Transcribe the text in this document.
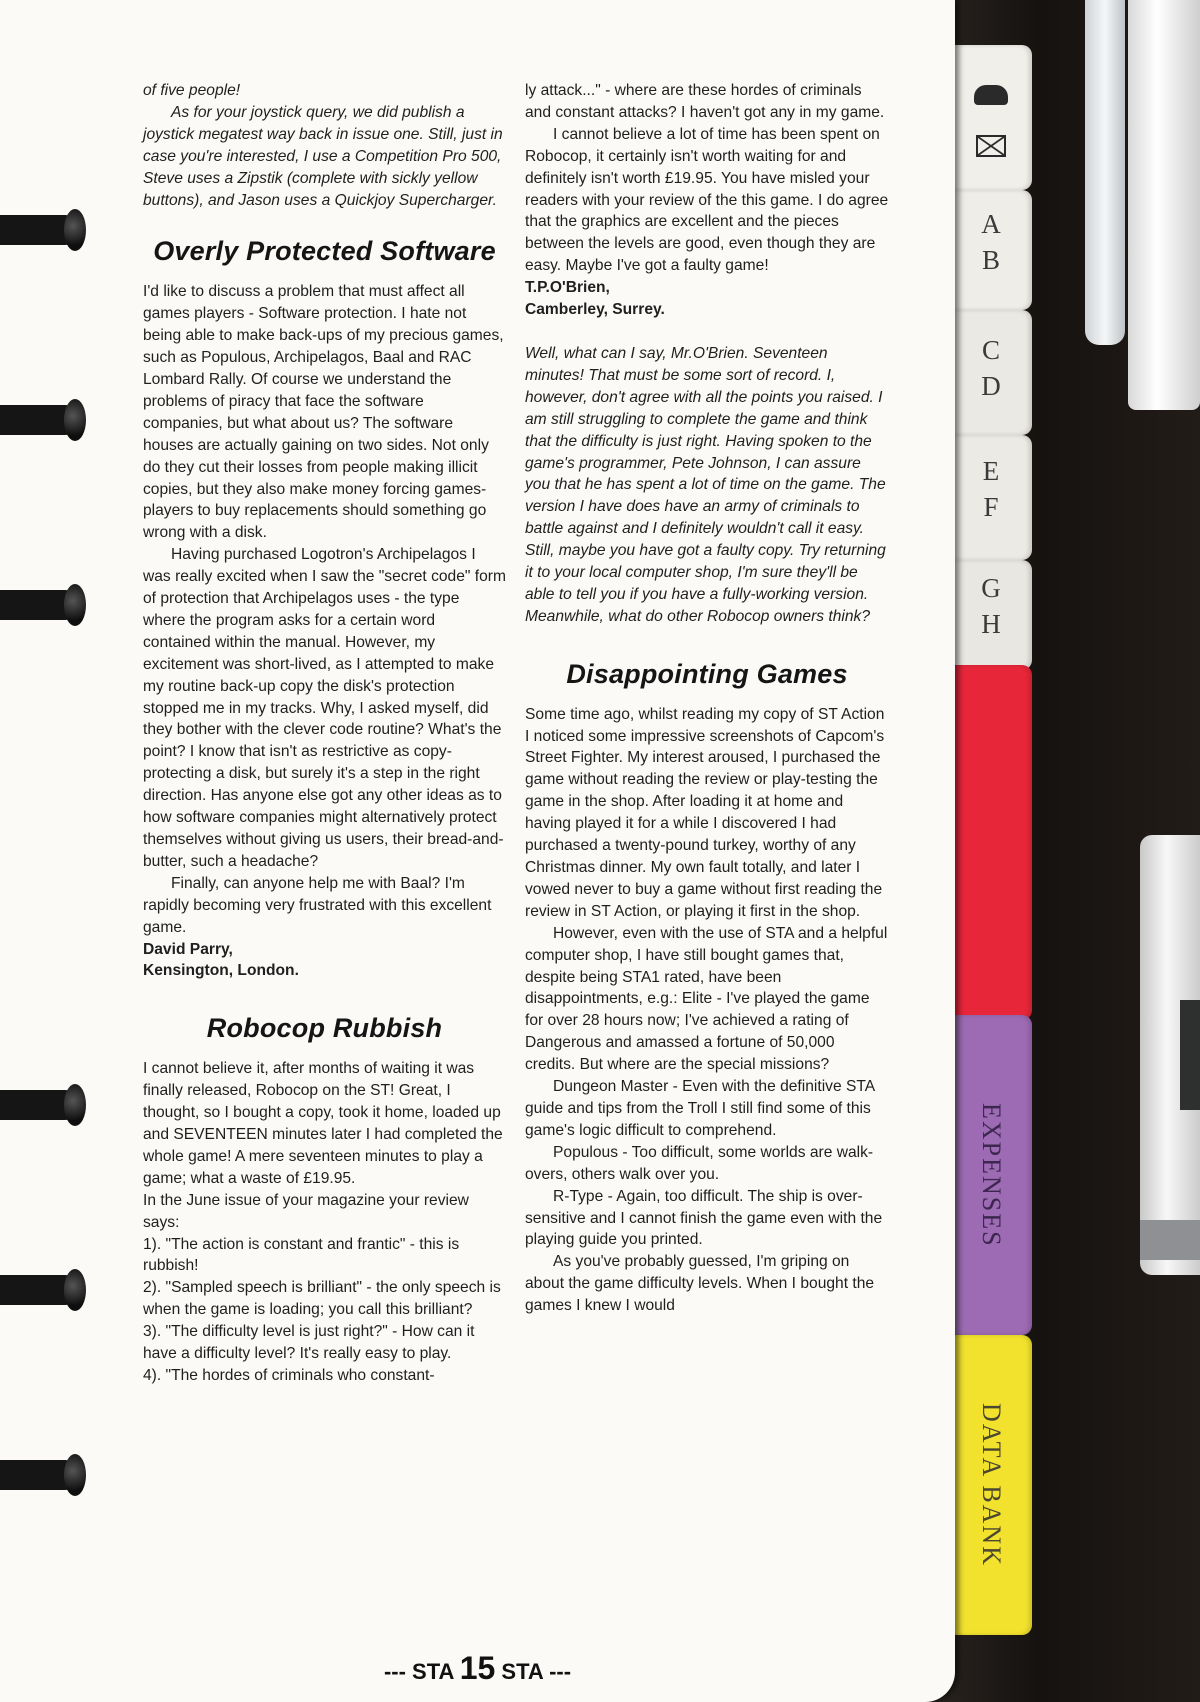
A
B
C
D
E
F
G
H
EXPENSES
DATA BANK

of five people!

As for your joystick query, we did publish a joystick megatest way back in issue one. Still, just in case you're interested, I use a Competition Pro 500, Steve uses a Zipstik (complete with sickly yellow buttons), and Jason uses a Quickjoy Supercharger.

Overly Protected Software

I'd like to discuss a problem that must affect all games players - Software protection. I hate not being able to make back-ups of my precious games, such as Populous, Archipelagos, Baal and RAC Lombard Rally. Of course we understand the problems of piracy that face the software companies, but what about us? The software houses are actually gaining on two sides. Not only do they cut their losses from people making illicit copies, but they also make money forcing games-players to buy replacements should something go wrong with a disk.

Having purchased Logotron's Archipelagos I was really excited when I saw the "secret code" form of protection that Archipelagos uses - the type where the program asks for a certain word contained within the manual. However, my excitement was short-lived, as I attempted to make my routine back-up copy the disk's protection stopped me in my tracks. Why, I asked myself, did they bother with the clever code routine? What's the point? I know that isn't as restrictive as copy-protecting a disk, but surely it's a step in the right direction. Has anyone else got any other ideas as to how software companies might alternatively protect themselves without giving us users, their bread-and-butter, such a headache?

Finally, can anyone help me with Baal? I'm rapidly becoming very frustrated with this excellent game.

David Parry,

Kensington, London.

Robocop Rubbish

I cannot believe it, after months of waiting it was finally released, Robocop on the ST! Great, I thought, so I bought a copy, took it home, loaded up and SEVENTEEN minutes later I had completed the whole game! A mere seventeen minutes to play a game; what a waste of £19.95.

In the June issue of your magazine your review says:

1). "The action is constant and frantic" - this is rubbish!

2). "Sampled speech is brilliant" - the only speech is when the game is loading; you call this brilliant?

3). "The difficulty level is just right?" - How can it have a difficulty level? It's really easy to play.

4). "The hordes of criminals who constant-

ly attack..." - where are these hordes of criminals and constant attacks? I haven't got any in my game.

I cannot believe a lot of time has been spent on Robocop, it certainly isn't worth waiting for and definitely isn't worth £19.95. You have misled your readers with your review of the this game. I do agree that the graphics are excellent and the pieces between the levels are good, even though they are easy. Maybe I've got a faulty game!

T.P.O'Brien,

Camberley, Surrey.

Well, what can I say, Mr.O'Brien. Seventeen minutes! That must be some sort of record. I, however, don't agree with all the points you raised. I am still struggling to complete the game and think that the difficulty is just right. Having spoken to the game's programmer, Pete Johnson, I can assure you that he has spent a lot of time on the game. The version I have does have an army of criminals to battle against and I definitely wouldn't call it easy. Still, maybe you have got a faulty copy. Try returning it to your local computer shop, I'm sure they'll be able to tell you if you have a fully-working version. Meanwhile, what do other Robocop owners think?

Disappointing Games

Some time ago, whilst reading my copy of ST Action I noticed some impressive screenshots of Capcom's Street Fighter. My interest aroused, I purchased the game without reading the review or play-testing the game in the shop. After loading it at home and having played it for a while I discovered I had purchased a twenty-pound turkey, worthy of any Christmas dinner. My own fault totally, and later I vowed never to buy a game without first reading the review in ST Action, or playing it first in the shop.

However, even with the use of STA and a helpful computer shop, I have still bought games that, despite being STA1 rated, have been disappointments, e.g.: Elite - I've played the game for over 28 hours now; I've achieved a rating of Dangerous and amassed a fortune of 50,000 credits. But where are the special missions?

Dungeon Master - Even with the definitive STA guide and tips from the Troll I still find some of this game's logic difficult to comprehend.

Populous - Too difficult, some worlds are walk-overs, others walk over you.

R-Type - Again, too difficult. The ship is over-sensitive and I cannot finish the game even with the playing guide you printed.

As you've probably guessed, I'm griping on about the game difficulty levels. When I bought the games I knew I would

--- STA 15 STA ---
